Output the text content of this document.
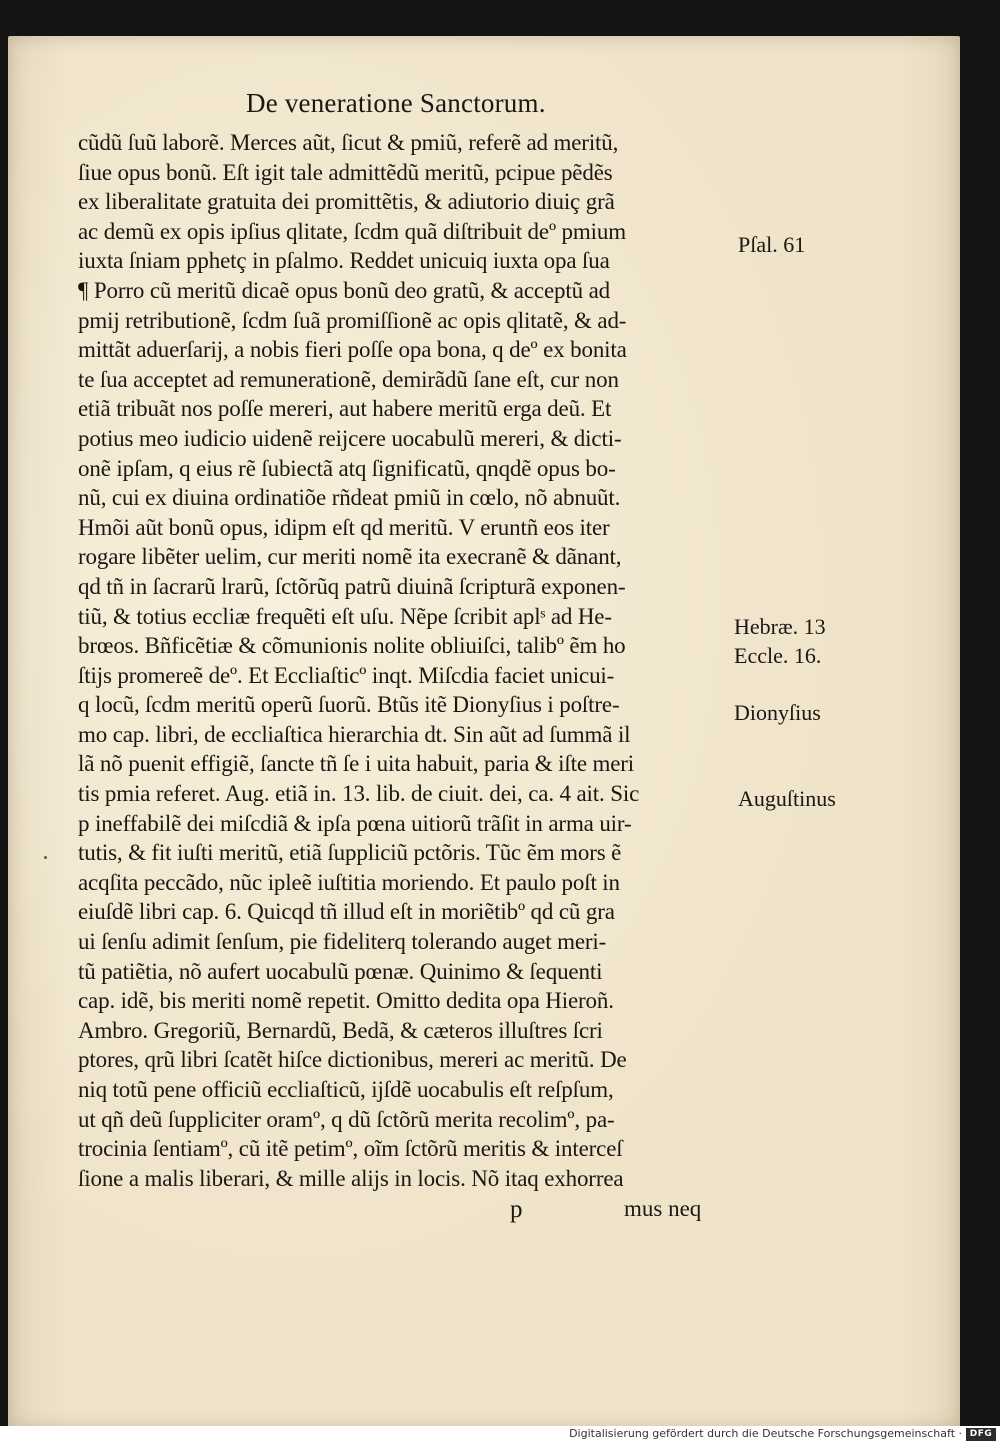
De veneratione Sanctorum.
cũdũ ſuũ laborẽ. Merces aũt, ſicut & pmiũ, referẽ ad meritũ,
ſiue opus bonũ. Eſt igit tale admittẽdũ meritũ, pcipue pẽdẽs
ex liberalitate gratuita dei promittẽtis, & adiutorio diuiç grã
ac demũ ex opis ipſius qlitate, ſcdm quã diſtribuit deº pmium
iuxta ſniam pphetç in pſalmo. Reddet unicuiq iuxta opa ſua
¶ Porro cũ meritũ dicaẽ opus bonũ deo gratũ, & acceptũ ad
pmij retributionẽ, ſcdm ſuã promiſſionẽ ac opis qlitatẽ, & ad-
mittãt aduerſarij, a nobis fieri poſſe opa bona, q deº ex bonita
te ſua acceptet ad remunerationẽ, demirãdũ ſane eſt, cur non
etiã tribuãt nos poſſe mereri, aut habere meritũ erga deũ. Et
potius meo iudicio uidenẽ reijcere uocabulũ mereri, & dicti-
onẽ ipſam, q eius rẽ ſubiectã atq ſignificatũ, qnqdẽ opus bo-
nũ, cui ex diuina ordinatiõe rñdeat pmiũ in cœlo, nõ abnuũt.
Hmõi aũt bonũ opus, idipm eſt qd meritũ. V eruntñ eos iter
rogare libẽter uelim, cur meriti nomẽ ita execranẽ & dãnant,
qd tñ in ſacrarũ lrarũ, ſctõrũq patrũ diuinã ſcripturã exponen-
tiũ, & totius eccliæ frequẽti eſt uſu. Nẽpe ſcribit aplˢ ad He-
brœos. Bñficẽtiæ & cõmunionis nolite obliuiſci, talibº ẽm ho
ſtijs promereẽ deº. Et Eccliaſticº inqt. Miſcdia faciet unicui-
q locũ, ſcdm meritũ operũ ſuorũ. Btũs itẽ Dionyſius i poſtre-
mo cap. libri, de eccliaſtica hierarchia dt. Sin aũt ad ſummã il
lã nõ puenit effigiẽ, ſancte tñ ſe i uita habuit, paria & iſte meri
tis pmia referet. Aug. etiã in. 13. lib. de ciuit. dei, ca. 4 ait. Sic
p ineffabilẽ dei miſcdiã & ipſa pœna uitiorũ trãſit in arma uir-
tutis, & fit iuſti meritũ, etiã ſuppliciũ pctõris. Tũc ẽm mors ẽ
acqſita peccãdo, nũc ipleẽ iuſtitia moriendo. Et paulo poſt in
eiuſdẽ libri cap. 6. Quicqd tñ illud eſt in moriẽtibº qd cũ gra
ui ſenſu adimit ſenſum, pie fideliterq tolerando auget meri-
tũ patiẽtia, nõ aufert uocabulũ pœnæ. Quinimo & ſequenti
cap. idẽ, bis meriti nomẽ repetit. Omitto dedita opa Hieroñ.
Ambro. Gregoriũ, Bernardũ, Bedã, & cæteros illuſtres ſcri
ptores, qrũ libri ſcatẽt hiſce dictionibus, mereri ac meritũ. De
niq totũ pene officiũ eccliaſticũ, ijſdẽ uocabulis eſt reſpſum,
ut qñ deũ ſuppliciter oramº, q dũ ſctõrũ merita recolimº, pa-
trocinia ſentiamº, cũ itẽ petimº, oĩm ſctõrũ meritis & interceſ
ſione a malis liberari, & mille alijs in locis. Nõ itaq exhorrea
Pſal. 61
Hebræ. 13
Eccle. 16.
Dionyſius
Auguſtinus
p	mus neq
Digitalisierung gefördert durch die Deutsche Forschungsgemeinschaft · DFG
